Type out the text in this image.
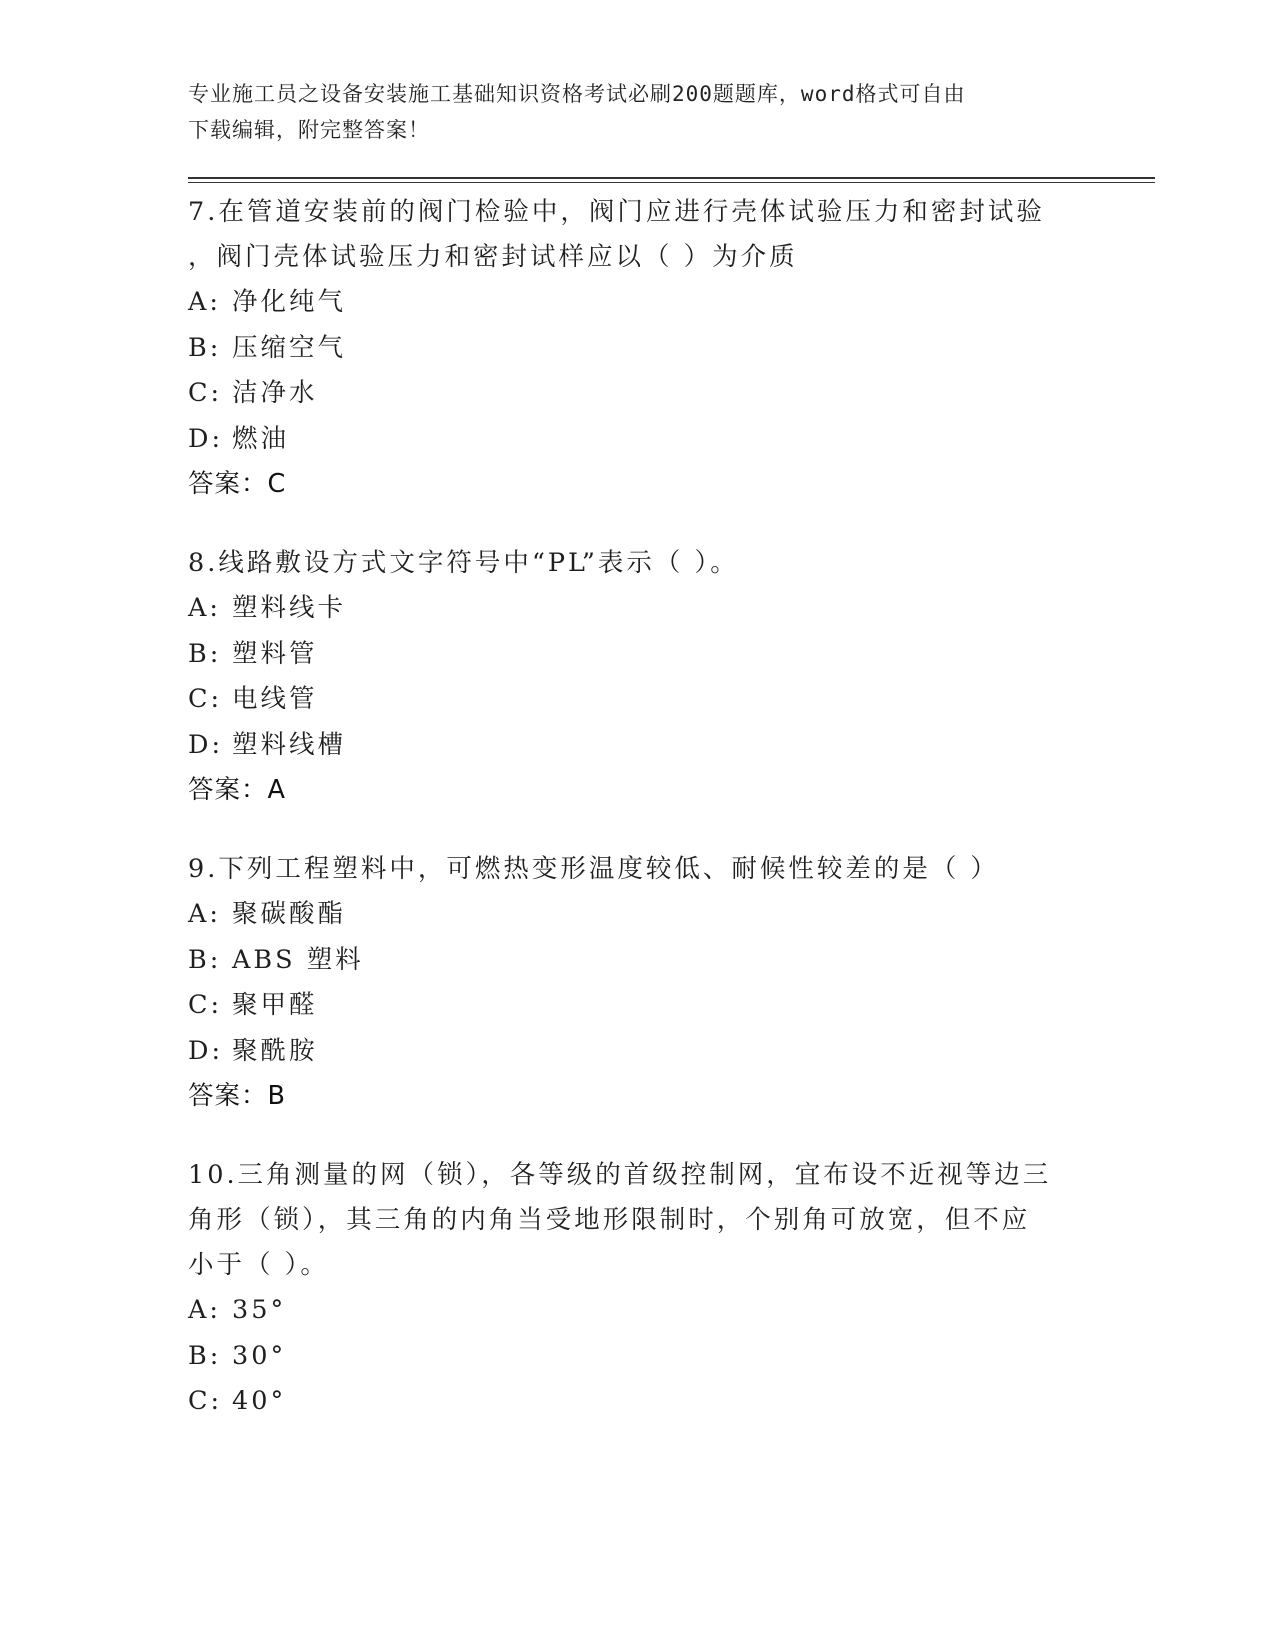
专业施工员之设备安装施工基础知识资格考试必刷200题题库，word格式可自由
下载编辑，附完整答案！
7.在管道安装前的阀门检验中，阀门应进行壳体试验压力和密封试验
，阀门壳体试验压力和密封试样应以（ ）为介质
A: 净化纯气
B: 压缩空气
C: 洁净水
D: 燃油
答案：C
8.线路敷设方式文字符号中“PL”表示（ ）。
A: 塑料线卡
B: 塑料管
C: 电线管
D: 塑料线槽
答案：A
9.下列工程塑料中，可燃热变形温度较低、耐候性较差的是（ ）
A: 聚碳酸酯
B: ABS 塑料
C: 聚甲醛
D: 聚酰胺
答案：B
10.三角测量的网（锁），各等级的首级控制网，宜布设不近视等边三
角形（锁），其三角的内角当受地形限制时，个别角可放宽，但不应
小于（ ）。
A: 35°
B: 30°
C: 40°
